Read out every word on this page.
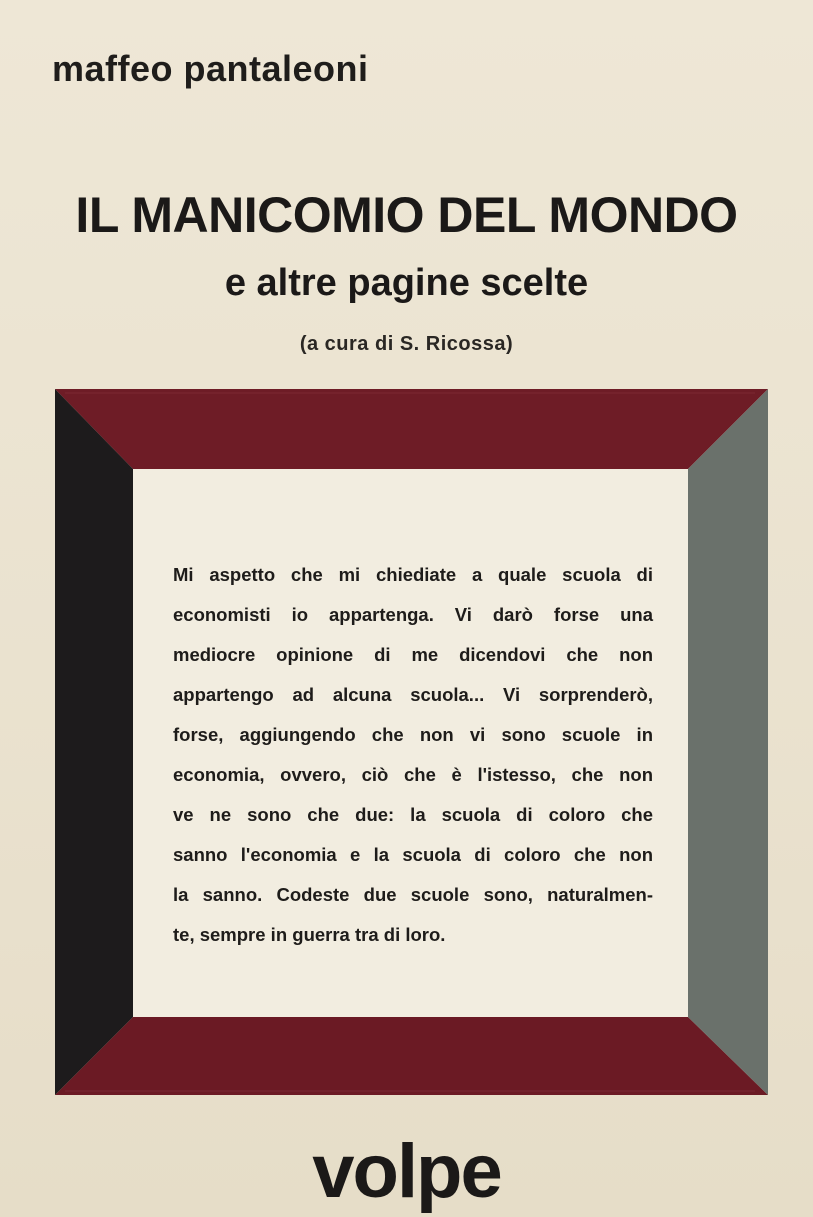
maffeo pantaleoni
IL MANICOMIO DEL MONDO
e altre pagine scelte
(a cura di S. Ricossa)
Mi aspetto che mi chiediate a quale scuola di
economisti io appartenga. Vi darò forse una
mediocre opinione di me dicendovi che non
appartengo ad alcuna scuola... Vi sorprenderò,
forse, aggiungendo che non vi sono scuole in
economia, ovvero, ciò che è l'istesso, che non
ve ne sono che due: la scuola di coloro che
sanno l'economia e la scuola di coloro che non
la sanno. Codeste due scuole sono, naturalmen-
te, sempre in guerra tra di loro.
volpe
